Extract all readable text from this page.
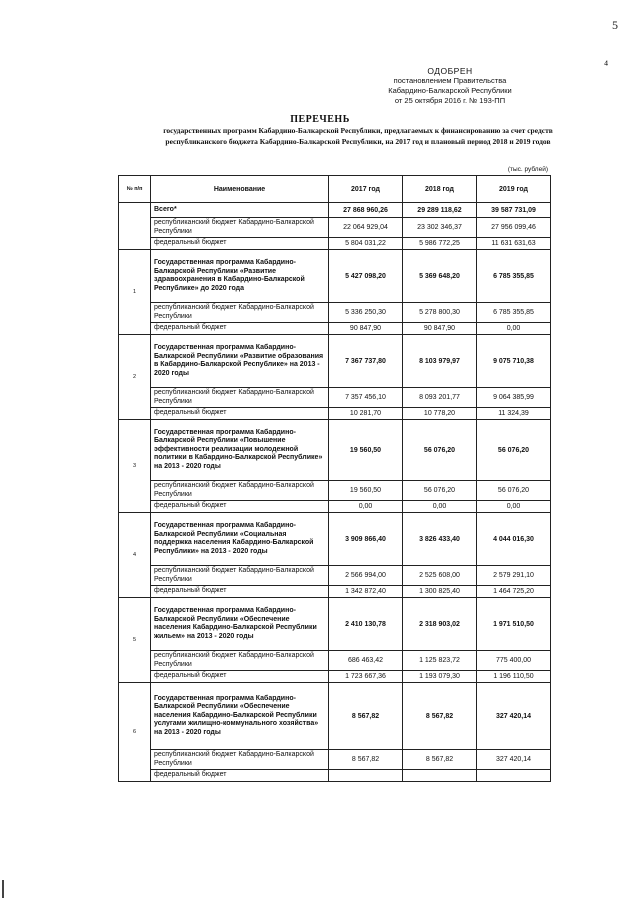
5
⁴
ОДОБРЕН
постановлением Правительства
Кабардино-Балкарской Республики
от 25 октября 2016 г. № 193-ПП
ПЕРЕЧЕНЬ
государственных программ Кабардино-Балкарской Республики, предлагаемых к финансированию за счет средств республиканского бюджета Кабардино-Балкарской Республики, на 2017 год и плановый период 2018 и 2019 годов
(тыс. рублей)
№ п/п	Наименование	2017 год	2018 год	2019 год
	Всего*	27 868 960,26	29 289 118,62	39 587 731,09
	республиканский бюджет Кабардино-Балкарской Республики	22 064 929,04	23 302 346,37	27 956 099,46
	федеральный бюджет	5 804 031,22	5 986 772,25	11 631 631,63
1	Государственная программа Кабардино-Балкарской Республики «Развитие здравоохранения в Кабардино-Балкарской Республике» до 2020 года	5 427 098,20	5 369 648,20	6 785 355,85
	республиканский бюджет Кабардино-Балкарской Республики	5 336 250,30	5 278 800,30	6 785 355,85
	федеральный бюджет	90 847,90	90 847,90	0,00
2	Государственная программа Кабардино-Балкарской Республики «Развитие образования в Кабардино-Балкарской Республике» на 2013 - 2020 годы	7 367 737,80	8 103 979,97	9 075 710,38
	республиканский бюджет Кабардино-Балкарской Республики	7 357 456,10	8 093 201,77	9 064 385,99
	федеральный бюджет	10 281,70	10 778,20	11 324,39
3	Государственная программа Кабардино-Балкарской Республики «Повышение эффективности реализации молодежной политики в Кабардино-Балкарской Республике» на 2013 - 2020 годы	19 560,50	56 076,20	56 076,20
	республиканский бюджет Кабардино-Балкарской Республики	19 560,50	56 076,20	56 076,20
	федеральный бюджет	0,00	0,00	0,00
4	Государственная программа Кабардино-Балкарской Республики «Социальная поддержка населения Кабардино-Балкарской Республики» на 2013 - 2020 годы	3 909 866,40	3 826 433,40	4 044 016,30
	республиканский бюджет Кабардино-Балкарской Республики	2 566 994,00	2 525 608,00	2 579 291,10
	федеральный бюджет	1 342 872,40	1 300 825,40	1 464 725,20
5	Государственная программа Кабардино-Балкарской Республики «Обеспечение населения Кабардино-Балкарской Республики жильем» на 2013 - 2020 годы	2 410 130,78	2 318 903,02	1 971 510,50
	республиканский бюджет Кабардино-Балкарской Республики	686 463,42	1 125 823,72	775 400,00
	федеральный бюджет	1 723 667,36	1 193 079,30	1 196 110,50
6	Государственная программа Кабардино-Балкарской Республики «Обеспечение населения Кабардино-Балкарской Республики услугами жилищно-коммунального хозяйства» на 2013 - 2020 годы	8 567,82	8 567,82	327 420,14
	республиканский бюджет Кабардино-Балкарской Республики	8 567,82	8 567,82	327 420,14
	федеральный бюджет			
